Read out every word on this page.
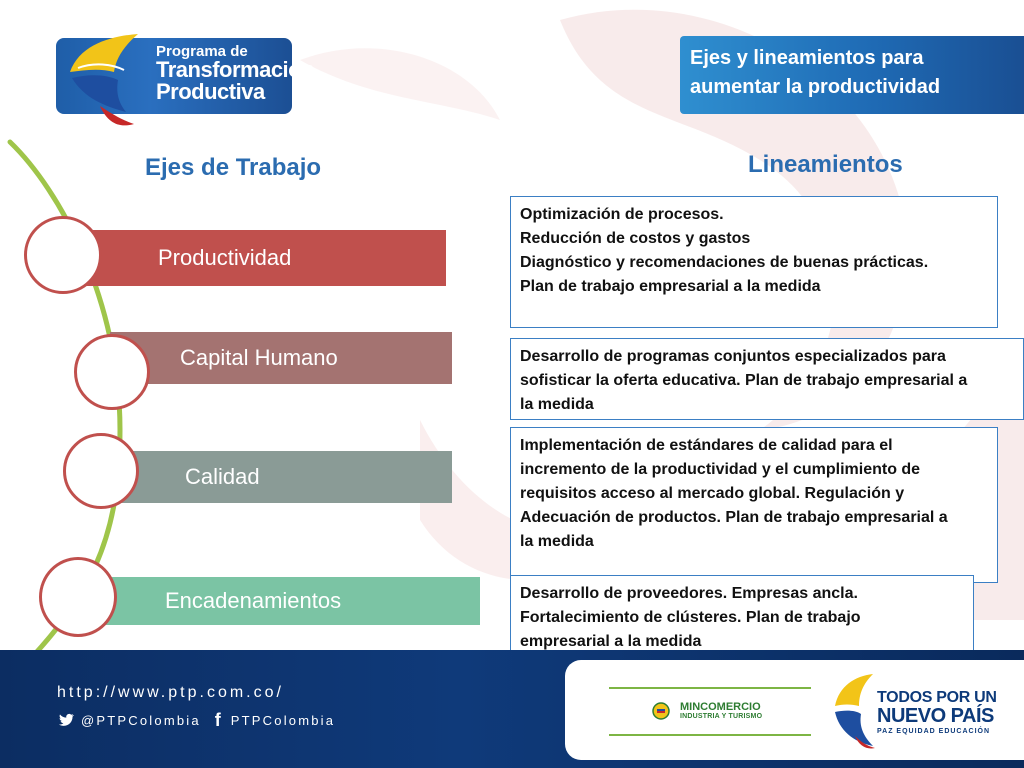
Programa de
Transformación
Productiva
Ejes y lineamientos para
aumentar la productividad
Ejes de Trabajo	Lineamientos
Productividad
Capital Humano
Calidad
Encadenamientos
Optimización de procesos.
Reducción de costos y gastos
Diagnóstico y recomendaciones de buenas prácticas.
Plan de trabajo empresarial a la medida
Desarrollo de programas conjuntos especializados para
sofisticar la oferta educativa. Plan de trabajo empresarial a
la medida
Implementación de estándares de calidad para el
incremento de la productividad y el cumplimiento de
requisitos acceso al mercado global. Regulación y
Adecuación de productos. Plan de trabajo empresarial a
la medida
Desarrollo de proveedores. Empresas ancla.
Fortalecimiento de clústeres. Plan de trabajo
empresarial a la medida
http://www.ptp.com.co/
@PTPColombia f PTPColombia
MINCOMERCIO
INDUSTRIA Y TURISMO
TODOS POR UN
NUEVO PAÍS
PAZ EQUIDAD EDUCACIÓN
